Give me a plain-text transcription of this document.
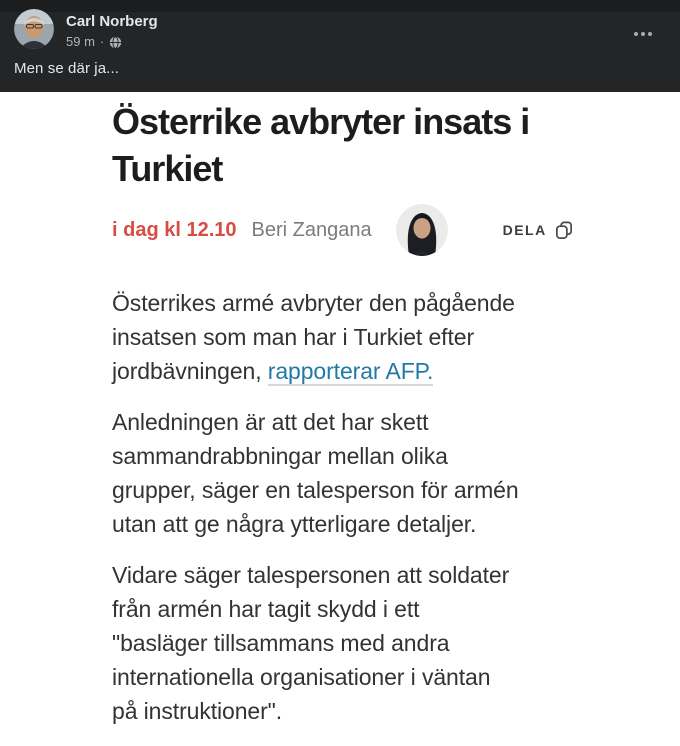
Carl Norberg
59 m ·
Men se där ja...
Österrike avbryter insats i
Turkiet
i dag kl 12.10 Beri Zangana	DELA
Österrikes armé avbryter den pågående
insatsen som man har i Turkiet efter
jordbävningen, rapporterar AFP.
Anledningen är att det har skett
sammandrabbningar mellan olika
grupper, säger en talesperson för armén
utan att ge några ytterligare detaljer.
Vidare säger talespersonen att soldater
från armén har tagit skydd i ett
"basläger tillsammans med andra
internationella organisationer i väntan
på instruktioner".
